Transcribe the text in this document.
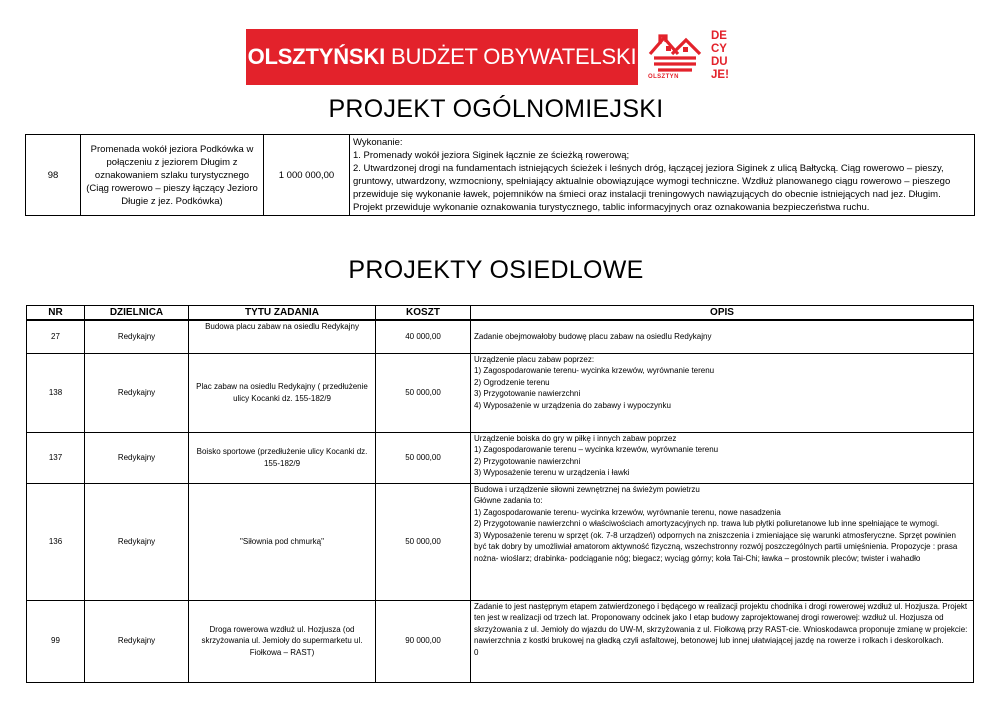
OLSZTYŃSKI BUDŻET OBYWATELSKI
OLSZTYN
DE
CY
DU
JE!
PROJEKT OGÓLNOMIEJSKI
98	Promenada wokół jeziora Podkówka w połączeniu z jeziorem Długim z oznakowaniem szlaku turystycznego (Ciąg rowerowo – pieszy łączący Jezioro Długie z jez. Podkówka)	1 000 000,00	
Wykonanie:
1. Promenady wokół jeziora Siginek łącznie ze ścieżką rowerową;
2. Utwardzonej drogi na fundamentach istniejących ścieżek i leśnych dróg, łączącej jeziora Siginek z ulicą Bałtycką. Ciąg rowerowo – pieszy, gruntowy, utwardzony, wzmocniony, spełniający aktualnie obowiązujące wymogi techniczne. Wzdłuż planowanego ciągu rowerowo – pieszego przewiduje się wykonanie ławek, pojemników na śmieci oraz instalacji treningowych nawiązujących do obecnie istniejących nad jez. Długim. Projekt przewiduje wykonanie oznakowania turystycznego, tablic informacyjnych oraz oznakowania bezpieczeństwa ruchu.
PROJEKTY OSIEDLOWE
NR	DZIELNICA	TYTU ZADANIA	KOSZT	OPIS
27	Redykajny	Budowa placu zabaw na osiedlu Redykajny	40 000,00	Zadanie obejmowałoby budowę placu zabaw na osiedlu Redykajny

138	Redykajny	Plac zabaw na osiedlu Redykajny ( przedłużenie ulicy Kocanki dz. 155-182/9	50 000,00	Urządzenie placu zabaw poprzez:
1) Zagospodarowanie terenu- wycinka krzewów, wyrównanie terenu
2) Ogrodzenie terenu
3) Przygotowanie nawierzchni
4) Wyposażenie w urządzenia do zabawy i wypoczynku

137	Redykajny	Boisko sportowe (przedłużenie ulicy Kocanki dz. 155-182/9	50 000,00	Urządzenie boiska do gry w piłkę i innych zabaw poprzez
1) Zagospodarowanie terenu – wycinka krzewów, wyrównanie terenu
2) Przygotowanie nawierzchni
3) Wyposażenie terenu w urządzenia i ławki

136	Redykajny	"Siłownia pod chmurką"	50 000,00	Budowa i urządzenie siłowni zewnętrznej na świeżym powietrzu
Główne zadania to:
1) Zagospodarowanie terenu- wycinka krzewów, wyrównanie terenu, nowe nasadzenia
2) Przygotowanie nawierzchni o właściwościach amortyzacyjnych np. trawa lub płytki poliuretanowe lub inne spełniające te wymogi.
3) Wyposażenie terenu w sprzęt (ok. 7-8 urządzeń) odpornych na zniszczenia i zmieniające się warunki atmosferyczne. Sprzęt powinien być tak dobry by umożliwiał amatorom aktywność fizyczną, wszechstronny rozwój poszczególnych partii umięśnienia. Propozycje : prasa nożna- wioślarz; drabinka- podciąganie nóg; biegacz; wyciąg górny; koła Tai-Chi; ławka – prostownik pleców; twister i wahadło

99	Redykajny	Droga rowerowa wzdłuż ul. Hozjusza (od skrzyżowania ul. Jemioły do supermarketu ul. Fiołkowa – RAST)	90 000,00	Zadanie to jest następnym etapem zatwierdzonego i będącego w realizacji projektu chodnika i drogi rowerowej wzdłuż ul. Hozjusza. Projekt ten jest w realizacji od trzech lat. Proponowany odcinek jako I etap budowy zaprojektowanej drogi rowerowej: wzdłuż ul. Hozjusza od skrzyżowania z ul. Jemioły do wjazdu do UW-M, skrzyżowania z ul. Fiołkową przy RAST-cie. Wnioskodawca proponuje zmianę w projekcie: nawierzchnia z kostki brukowej na gładką czyli asfaltowej, betonowej lub innej ułatwiającej jazdę na rowerze i rolkach i deskorolkach.
0
